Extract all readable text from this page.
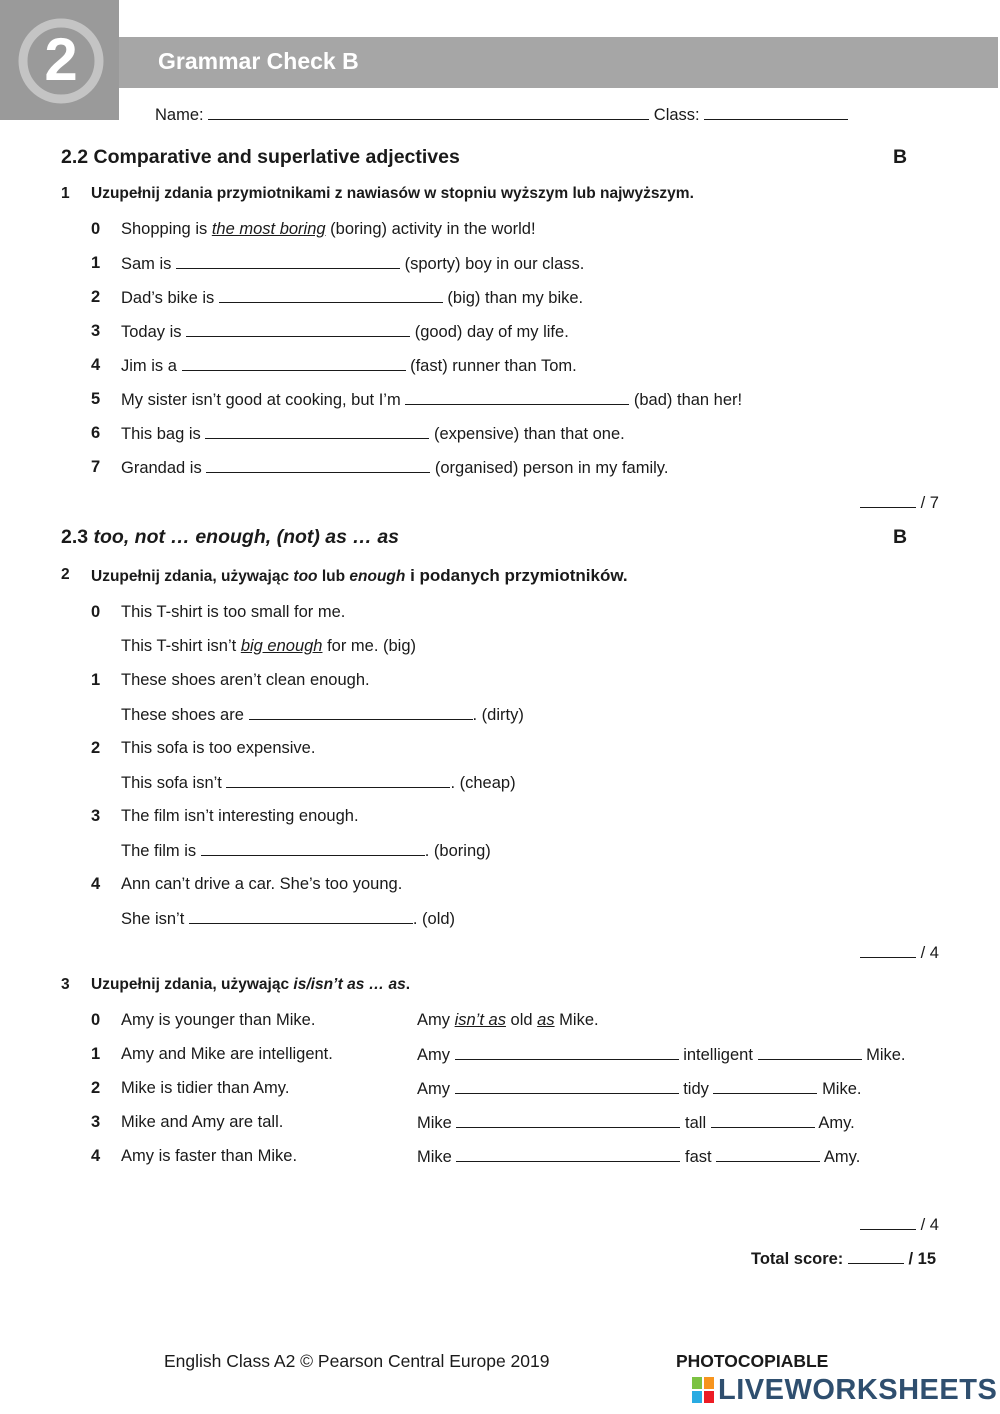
2	Grammar Check B
Name:	Class:
2.2 Comparative and superlative adjectives	B
1 Uzupełnij zdania przymiotnikami z nawiasów w stopniu wyższym lub najwyższym.
0	Shopping is the most boring (boring) activity in the world!
1	Sam is	(sporty) boy in our class.
2	Dad’s bike is	(big) than my bike.
3	Today is	(good) day of my life.
4	Jim is a	(fast) runner than Tom.
5	My sister isn’t good at cooking, but I’m	(bad) than her!
6	This bag is	(expensive) than that one.
7	Grandad is	(organised) person in my family.
/ 7
2.3 too, not … enough, (not) as … as	B
2 Uzupełnij zdania, używając too lub enough i podanych przymiotników.
0	This T-shirt is too small for me.
This T-shirt isn’t big enough for me. (big)
1	These shoes aren’t clean enough.
These shoes are	. (dirty)
2	This sofa is too expensive.
This sofa isn’t	. (cheap)
3	The film isn’t interesting enough.
The film is	. (boring)
4	Ann can’t drive a car. She’s too young.
She isn’t	. (old)
/ 4
3 Uzupełnij zdania, używając is/isn’t as … as.
0	Amy is younger than Mike.	Amy isn’t as old as Mike.
1	Amy and Mike are intelligent.	Amy	intelligent	Mike.
2	Mike is tidier than Amy.	Amy	tidy	Mike.
3	Mike and Amy are tall.	Mike	tall	Amy.
4	Amy is faster than Mike.	Mike	fast	Amy.
/ 4
Total score:	/ 15
English Class A2 © Pearson Central Europe 2019	PHOTOCOPIABLE
LIVEWORKSHEETS
